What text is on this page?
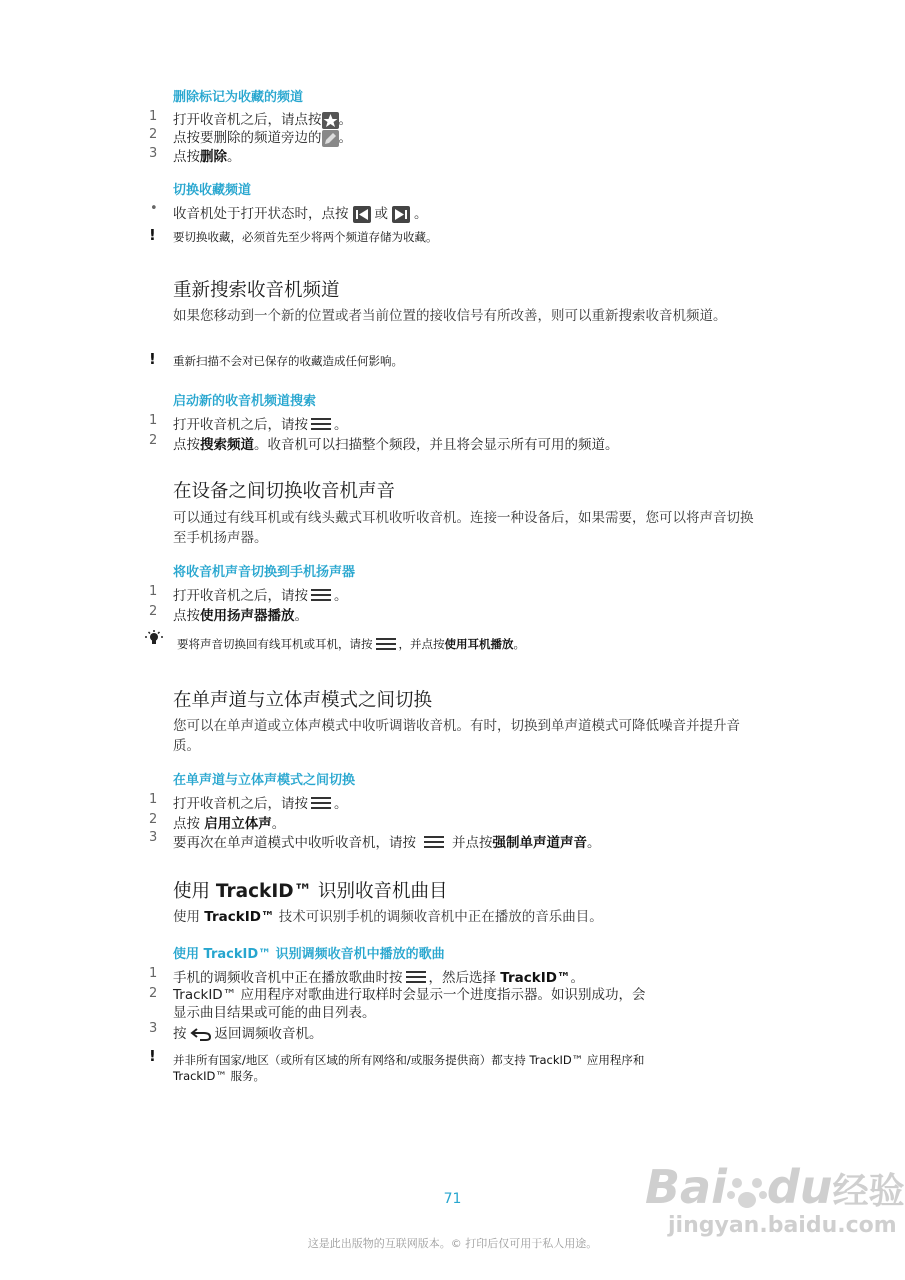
删除标记为收藏的频道
1 打开收音机之后，请点按 。
2 点按要删除的频道旁边的 。
3 点按删除。
切换收藏频道
• 收音机处于打开状态时，点按 或 。
! 要切换收藏，必须首先至少将两个频道存储为收藏。
重新搜索收音机频道
如果您移动到一个新的位置或者当前位置的接收信号有所改善，则可以重新搜索收音机频道。
! 重新扫描不会对已保存的收藏造成任何影响。
启动新的收音机频道搜索
1 打开收音机之后，请按 。
2 点按搜索频道。收音机可以扫描整个频段，并且将会显示所有可用的频道。
在设备之间切换收音机声音
可以通过有线耳机或有线头戴式耳机收听收音机。连接一种设备后，如果需要，您可以将声音切换至手机扬声器。
将收音机声音切换到手机扬声器
1 打开收音机之后，请按 。
2 点按使用扬声器播放。
要将声音切换回有线耳机或耳机，请按 ，并点按使用耳机播放。
在单声道与立体声模式之间切换
您可以在单声道或立体声模式中收听调谐收音机。有时，切换到单声道模式可降低噪音并提升音质。
在单声道与立体声模式之间切换
1 打开收音机之后，请按 。
2 点按 启用立体声。
3 要再次在单声道模式中收听收音机，请按	并点按强制单声道声音。
使用 TrackID™ 识别收音机曲目
使用 TrackID™ 技术可识别手机的调频收音机中正在播放的音乐曲目。
使用 TrackID™ 识别调频收音机中播放的歌曲
1 手机的调频收音机中正在播放歌曲时按 ，然后选择 TrackID™。
2 TrackID™ 应用程序对歌曲进行取样时会显示一个进度指示器。如识别成功，会
显示曲目结果或可能的曲目列表。
3 按 返回调频收音机。
! 并非所有国家/地区（或所有区域的所有网络和/或服务提供商）都支持 TrackID™ 应用程序和
TrackID™ 服务。
71
这是此出版物的互联网版本。© 打印后仅可用于私人用途。
Bai du经验
jingyan.baidu.com
